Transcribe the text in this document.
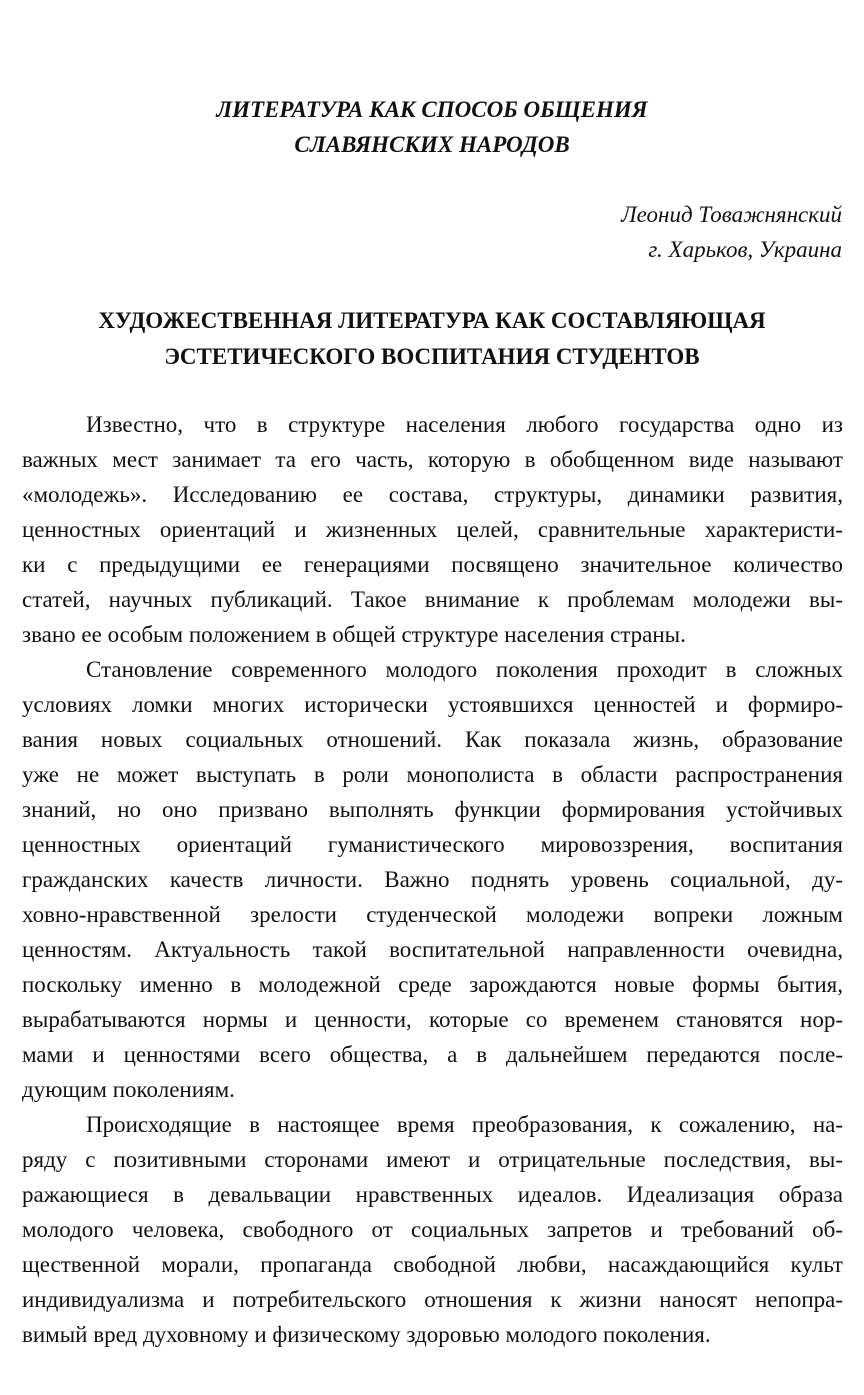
ЛИТЕРАТУРА КАК СПОСОБ ОБЩЕНИЯ
СЛАВЯНСКИХ НАРОДОВ
Леонид Товажнянский
г. Харьков, Украина
ХУДОЖЕСТВЕННАЯ ЛИТЕРАТУРА КАК СОСТАВЛЯЮЩАЯ
ЭСТЕТИЧЕСКОГО ВОСПИТАНИЯ СТУДЕНТОВ
Известно, что в структуре населения любого государства одно из
важных мест занимает та его часть, которую в обобщенном виде называют
«молодежь». Исследованию ее состава, структуры, динамики развития,
ценностных ориентаций и жизненных целей, сравнительные характеристи-
ки с предыдущими ее генерациями посвящено значительное количество
статей, научных публикаций. Такое внимание к проблемам молодежи вы-
звано ее особым положением в общей структуре населения страны.
Становление современного молодого поколения проходит в сложных
условиях ломки многих исторически устоявшихся ценностей и формиро-
вания новых социальных отношений. Как показала жизнь, образование
уже не может выступать в роли монополиста в области распространения
знаний, но оно призвано выполнять функции формирования устойчивых
ценностных ориентаций гуманистического мировоззрения, воспитания
гражданских качеств личности. Важно поднять уровень социальной, ду-
ховно-нравственной зрелости студенческой молодежи вопреки ложным
ценностям. Актуальность такой воспитательной направленности очевидна,
поскольку именно в молодежной среде зарождаются новые формы бытия,
вырабатываются нормы и ценности, которые со временем становятся нор-
мами и ценностями всего общества, а в дальнейшем передаются после-
дующим поколениям.
Происходящие в настоящее время преобразования, к сожалению, на-
ряду с позитивными сторонами имеют и отрицательные последствия, вы-
ражающиеся в девальвации нравственных идеалов. Идеализация образа
молодого человека, свободного от социальных запретов и требований об-
щественной морали, пропаганда свободной любви, насаждающийся культ
индивидуализма и потребительского отношения к жизни наносят непопра-
вимый вред духовному и физическому здоровью молодого поколения.
